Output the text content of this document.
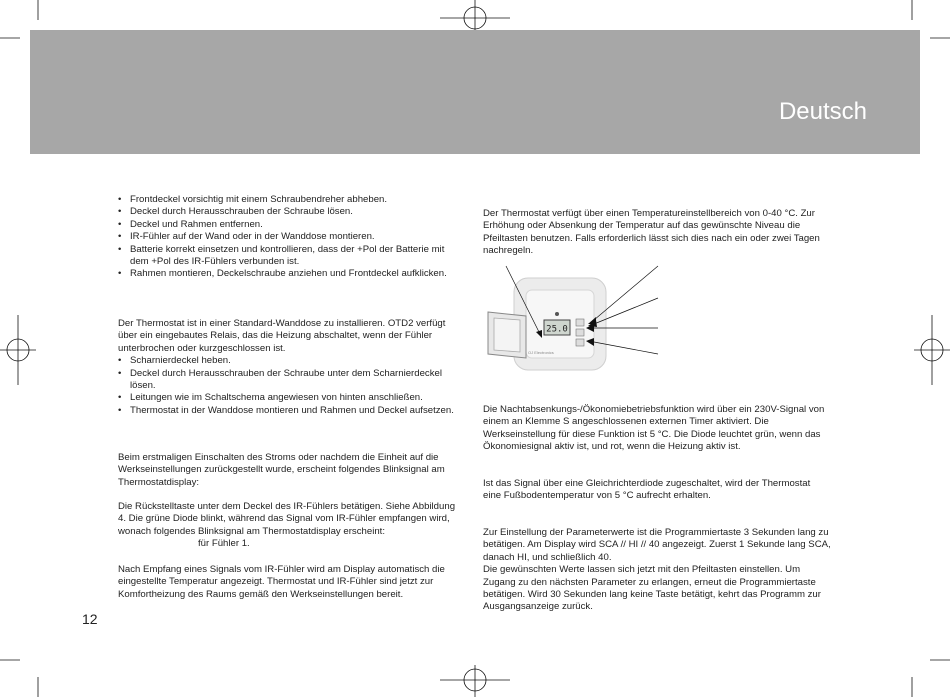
Deutsch
• Frontdeckel vorsichtig mit einem Schraubendreher abheben.
• Deckel durch Herausschrauben der Schraube lösen.
• Deckel und Rahmen entfernen.
• IR-Fühler auf der Wand oder in der Wanddose montieren.
• Batterie korrekt einsetzen und kontrollieren, dass der +Pol der Batterie mit dem +Pol des IR-Fühlers verbunden ist.
• Rahmen montieren, Deckelschraube anziehen und Frontdeckel aufklicken.

Der Thermostat ist in einer Standard-Wanddose zu installieren. OTD2 verfügt über ein eingebautes Relais, das die Heizung abschaltet, wenn der Fühler unterbrochen oder kurzgeschlossen ist.

• Scharnierdeckel heben.
• Deckel durch Herausschrauben der Schraube unter dem Scharnierdeckel lösen.
• Leitungen wie im Schaltschema angewiesen von hinten anschließen.
• Thermostat in der Wanddose montieren und Rahmen und Deckel aufsetzen.

Beim erstmaligen Einschalten des Stroms oder nachdem die Einheit auf die Werkseinstellungen zurückgestellt wurde, erscheint folgendes Blinksignal am Thermostatdisplay:

Die Rückstelltaste unter dem Deckel des IR-Fühlers betätigen. Siehe Abbildung 4. Die grüne Diode blinkt, während das Signal vom IR-Fühler empfangen wird, wonach folgendes Blinksignal am Thermostatdisplay erscheint:

für Fühler 1.

Nach Empfang eines Signals vom IR-Fühler wird am Display automatisch die eingestellte Temperatur angezeigt. Thermostat und IR-Fühler sind jetzt zur Komfortheizung des Raums gemäß den Werkseinstellungen bereit.

12

Der Thermostat verfügt über einen Temperatureinstellbereich von 0-40 °C. Zur Erhöhung oder Absenkung der Temperatur auf das gewünschte Niveau die Pfeiltasten benutzen. Falls erforderlich lässt sich dies nach ein oder zwei Tagen nachregeln.

25.0
OJ Electronics

Die Nachtabsenkungs-/Ökonomiebetriebsfunktion wird über ein 230V-Signal von einem an Klemme S angeschlossenen externen Timer aktiviert. Die Werkseinstellung für diese Funktion ist 5 °C. Die Diode leuchtet grün, wenn das Ökonomiesignal aktiv ist, und rot, wenn die Heizung aktiv ist.

Ist das Signal über eine Gleichrichterdiode zugeschaltet, wird der Thermostat eine Fußbodentemperatur von 5 °C aufrecht erhalten.

Zur Einstellung der Parameterwerte ist die Programmiertaste 3 Sekunden lang zu betätigen. Am Display wird SCA // HI // 40 angezeigt. Zuerst 1 Sekunde lang SCA, danach HI, und schließlich 40.

Die gewünschten Werte lassen sich jetzt mit den Pfeiltasten einstellen. Um Zugang zu den nächsten Parameter zu erlangen, erneut die Programmiertaste betätigen. Wird 30 Sekunden lang keine Taste betätigt, kehrt das Programm zur Ausgangsanzeige zurück.
